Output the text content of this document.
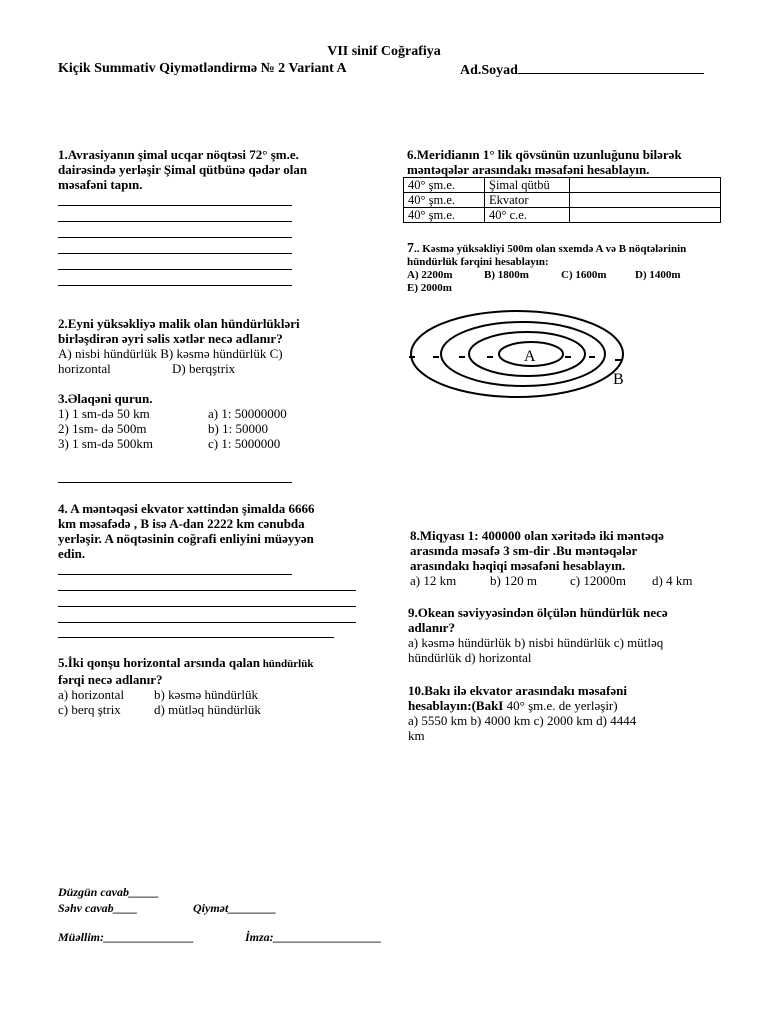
VII sinif Coğrafiya
Kiçik Summativ Qiymətləndirmə № 2 Variant A	Ad.Soyad
1.Avrasiyanın şimal ucqar nöqtəsi 72° şm.e.
dairəsində yerləşir Şimal qütbünə qədər olan
məsafəni tapın.
2.Eyni yüksəkliyə malik olan hündürlükləri
birləşdirən əyri səlis xətlər necə adlanır?
A) nisbi hündürlük B) kəsmə hündürlük C)
horizontal	D) berqştrix
3.Əlaqəni qurun.
1) 1 sm-də 50 km	a) 1: 50000000
2) 1sm- də 500m	b) 1: 50000
3) 1 sm-də 500km	c) 1: 5000000
4. A məntəqəsi ekvator xəttindən şimalda 6666
km məsafədə , B isə A-dan 2222 km cənubda
yerləşir. A nöqtəsinin coğrafi enliyini müəyyən
edin.
5.İki qonşu horizontal arsında qalan hündürlük
fərqi necə adlanır?
a) horizontal b) kəsmə hündürlük
c) berq ştrix	d) mütləq hündürlük
6.Meridianın 1° lik qövsünün uzunluğunu bilərək
məntəqələr arasındakı məsafəni hesablayın.
40° şm.e.	Şimal qütbü	
40° şm.e.	Ekvator	
40° şm.e.	40° c.e.	
7.. Kəsmə yüksəkliyi 500m olan sxemdə A və B nöqtələrinin
hündürlük fərqini hesablayın:
A) 2200m	B) 1800m	C) 1600m	D) 1400m
E) 2000m
A
B
8.Miqyası 1: 400000 olan xəritədə iki məntəqə
arasında məsafə 3 sm-dir .Bu məntəqələr
arasındakı həqiqi məsafəni hesablayın.
a) 12 km	b) 120 m	c) 12000m d) 4 km
9.Okean səviyyəsindən ölçülən hündürlük necə
adlanır?
a) kəsmə hündürlük b) nisbi hündürlük c) mütləq
hündürlük d) horizontal
10.Bakı ilə ekvator arasındakı məsafəni
hesablayın:(BakI 40° şm.e. de yerləşir)
a) 5550 km b) 4000 km c) 2000 km d) 4444
km
Düzgün cavab_____
Səhv cavab____	Qiymət________
Müəllim:_______________	İmza:__________________
